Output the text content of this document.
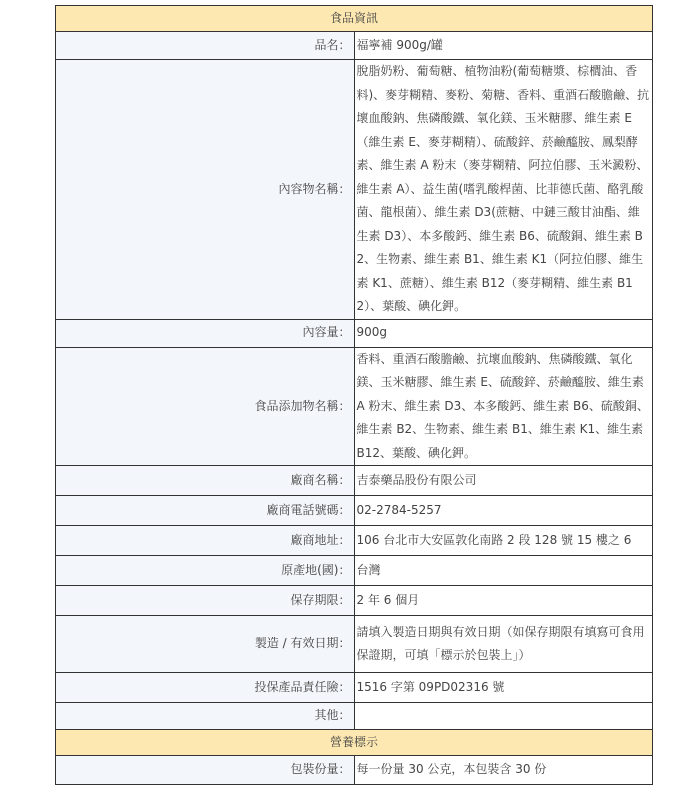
食品資訊	
品名：	福寧補 900g/罐
內容物名稱：	脫脂奶粉、葡萄糖、植物油粉(葡萄糖漿、棕櫚油、香料)、麥芽糊精、麥粉、菊糖、香料、重酒石酸膽鹼、抗壞血酸鈉、焦磷酸鐵、氧化鎂、玉米糖膠、維生素 E（維生素 E、麥芽糊精）、硫酸鋅、菸鹼醯胺、鳳梨酵素、維生素 A 粉末（麥芽糊精、阿拉伯膠、玉米澱粉、維生素 A）、益生菌(嗜乳酸桿菌、比菲德氏菌、酪乳酸菌、龍根菌）、維生素 D3(蔗糖、中鏈三酸甘油酯、維生素 D3）、本多酸鈣、維生素 B6、硫酸銅、維生素 B2、生物素、維生素 B1、維生素 K1（阿拉伯膠、維生素 K1、蔗糖）、維生素 B12（麥芽糊精、維生素 B12）、葉酸、碘化鉀。
內容量：	900g
食品添加物名稱：	香料、重酒石酸膽鹼、抗壞血酸鈉、焦磷酸鐵、氧化鎂、玉米糖膠、維生素 E、硫酸鋅、菸鹼醯胺、維生素 A 粉末、維生素 D3、本多酸鈣、維生素 B6、硫酸銅、維生素 B2、生物素、維生素 B1、維生素 K1、維生素 B12、葉酸、碘化鉀。
廠商名稱：	吉泰藥品股份有限公司
廠商電話號碼：	02-2784-5257
廠商地址：	106 台北市大安區敦化南路 2 段 128 號 15 樓之 6
原產地(國)：	台灣
保存期限：	2 年 6 個月
製造 / 有效日期：	請填入製造日期與有效日期（如保存期限有填寫可食用保證期，可填「標示於包裝上」）
投保產品責任險：	1516 字第 09PD02316 號
其他：	
營養標示	
包裝份量：	每一份量 30 公克，本包裝含 30 份
